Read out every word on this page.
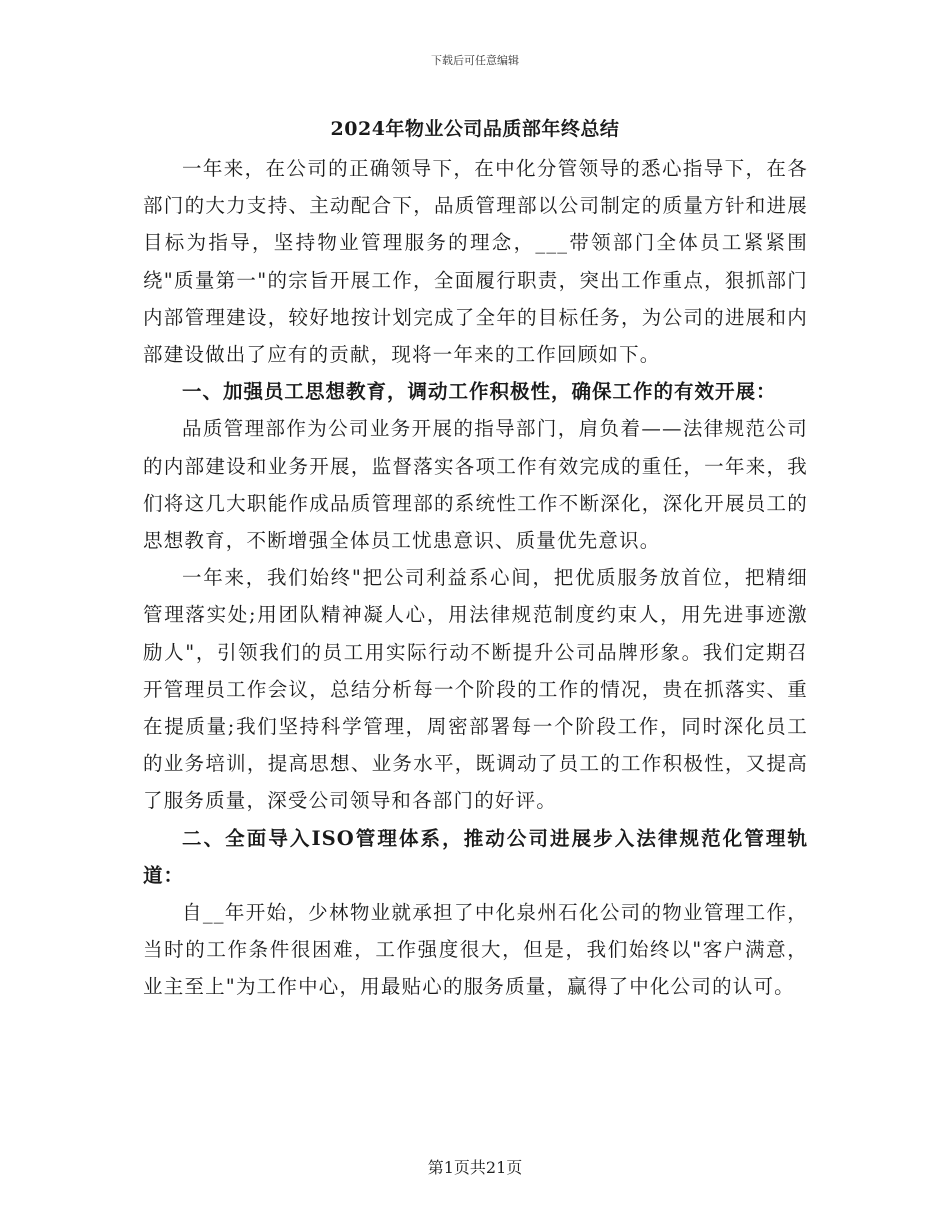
下载后可任意编辑
2024年物业公司品质部年终总结

一年来，在公司的正确领导下，在中化分管领导的悉心指导下，在各部门的大力支持、主动配合下，品质管理部以公司制定的质量方针和进展目标为指导，坚持物业管理服务的理念，___带领部门全体员工紧紧围绕"质量第一"的宗旨开展工作，全面履行职责，突出工作重点，狠抓部门内部管理建设，较好地按计划完成了全年的目标任务，为公司的进展和内部建设做出了应有的贡献，现将一年来的工作回顾如下。

一、加强员工思想教育，调动工作积极性，确保工作的有效开展：

品质管理部作为公司业务开展的指导部门，肩负着——法律规范公司的内部建设和业务开展，监督落实各项工作有效完成的重任，一年来，我们将这几大职能作成品质管理部的系统性工作不断深化，深化开展员工的思想教育，不断增强全体员工忧患意识、质量优先意识。

一年来，我们始终"把公司利益系心间，把优质服务放首位，把精细管理落实处;用团队精神凝人心，用法律规范制度约束人，用先进事迹激励人"，引领我们的员工用实际行动不断提升公司品牌形象。我们定期召开管理员工作会议，总结分析每一个阶段的工作的情况，贵在抓落实、重在提质量;我们坚持科学管理，周密部署每一个阶段工作，同时深化员工的业务培训，提高思想、业务水平，既调动了员工的工作积极性，又提高了服务质量，深受公司领导和各部门的好评。

二、全面导入ISO管理体系，推动公司进展步入法律规范化管理轨道：

自__年开始，少林物业就承担了中化泉州石化公司的物业管理工作，当时的工作条件很困难，工作强度很大，但是，我们始终以"客户满意，业主至上"为工作中心，用最贴心的服务质量，赢得了中化公司的认可。

第1页共21页
